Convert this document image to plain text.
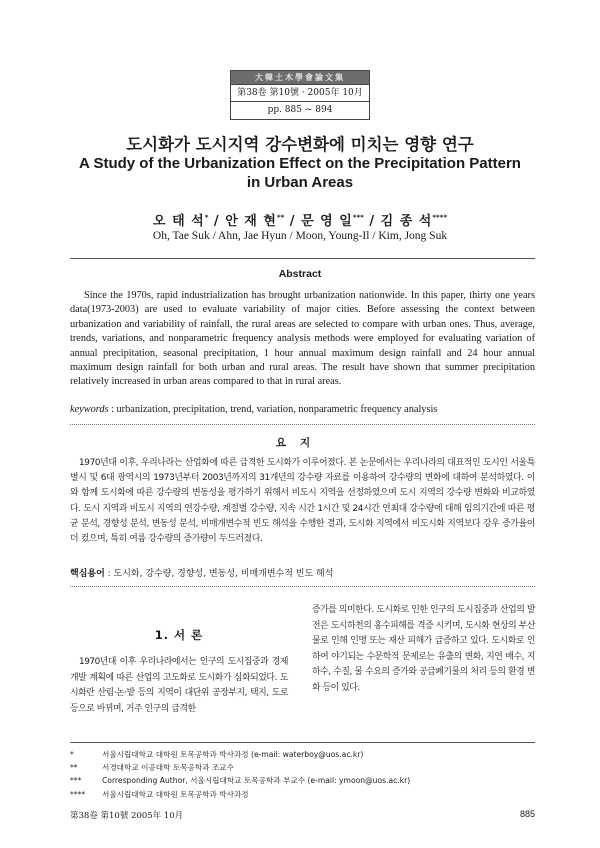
大韓土木學會論文集
第38卷 第10號 · 2005年 10月
pp. 885 ~ 894
도시화가 도시지역 강수변화에 미치는 영향 연구
A Study of the Urbanization Effect on the Precipitation Pattern
in Urban Areas
오 태 석* / 안 재 현** / 문 영 일*** / 김 종 석****
Oh, Tae Suk / Ahn, Jae Hyun / Moon, Young-Il / Kim, Jong Suk
Abstract
Since the 1970s, rapid industrialization has brought urbanization nationwide. In this paper, thirty one years data(1973-2003) are used to evaluate variability of major cities. Before assessing the context between urbanization and variability of rainfall, the rural areas are selected to compare with urban ones. Thus, average, trends, variations, and nonparametric frequency analysis methods were employed for evaluating variation of annual precipitation, seasonal precipitation, 1 hour annual maximum design rainfall and 24 hour annual maximum design rainfall for both urban and rural areas. The result have shown that summer precipitation relatively increased in urban areas compared to that in rural areas.
keywords : urbanization, precipitation, trend, variation, nonparametric frequency analysis
요지
1970년대 이후, 우리나라는 산업화에 따른 급격한 도시화가 이루어졌다. 본 논문에서는 우리나라의 대표적인 도시인 서울특별시 및 6대 광역시의 1973년부터 2003년까지의 31개년의 강수량 자료를 이용하여 강수량의 변화에 대하여 분석하였다. 이와 함께 도시화에 따른 강수량의 변동성을 평가하기 위해서 비도시 지역을 선정하였으며 도시 지역의 강수량 변화와 비교하였다. 도시 지역과 비도시 지역의 연강수량, 계절별 강수량, 지속 시간 1시간 및 24시간 연최대 강수량에 대해 임의기간에 따른 평균 분석, 경향성 분석, 변동성 분석, 비매개변수적 빈도 해석을 수행한 결과, 도시화 지역에서 비도시화 지역보다 강우 증가율이 더 컸으며, 특히 여름 강수량의 증가량이 두드러졌다.
핵심용어 : 도시화, 강수량, 경향성, 변동성, 비매개변수적 빈도 해석
1. 서 론
1970년대 이후 우리나라에서는 인구의 도시집중과 경제개발 계획에 따른 산업의 고도화로 도시화가 심화되었다. 도시화란 산림·논·밭 등의 지역이 대단위 공장부지, 택지, 도로 등으로 바뀌며, 거주 인구의 급격한
증가를 의미한다. 도시화로 인한 인구의 도시집중과 산업의 발전은 도시하천의 홍수피해를 격증 시키며, 도시화 현상의 부산물로 인해 인명 또는 재산 피해가 급증하고 있다. 도시화로 인하여 야기되는 수문학적 문제로는 유출의 변화, 지연 배수, 지하수, 수질, 물 수요의 증가와 공급폐기물의 처리 등의 환경 변화 등이 있다.
*	서울시립대학교 대학원 토목공학과 박사과정 (e-mail: waterboy@uos.ac.kr)
**	서경대학교 이공대학 토목공학과 조교수
***	Corresponding Author, 서울시립대학교 토목공학과 부교수 (e-mail: ymoon@uos.ac.kr)
**** 서울시립대학교 대학원 토목공학과 박사과정
第38卷 第10號 2005年 10月	885
